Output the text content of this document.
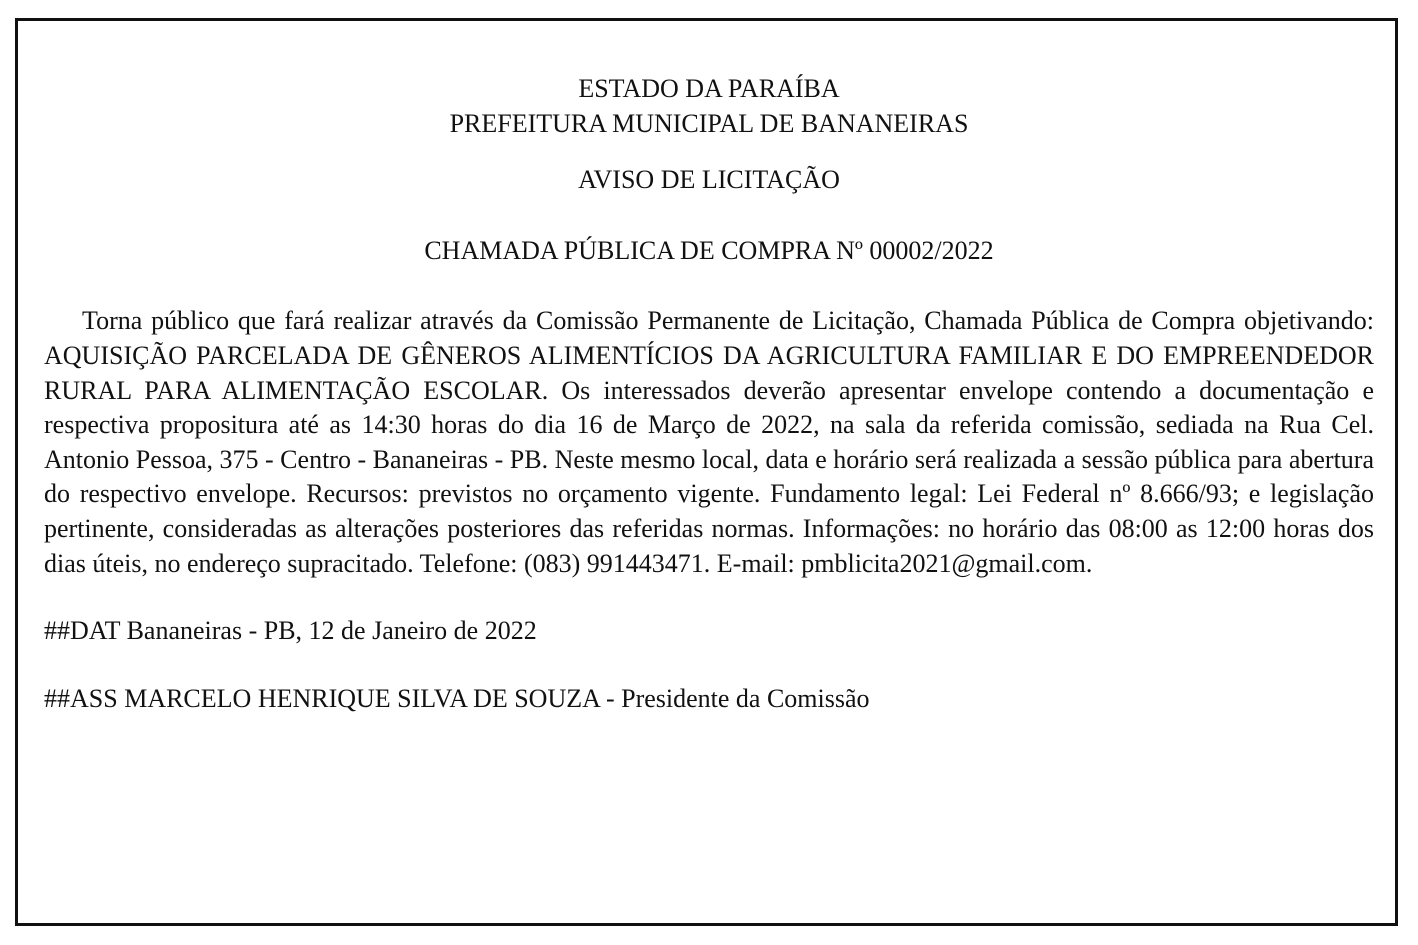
ESTADO DA PARAÍBA

PREFEITURA MUNICIPAL DE BANANEIRAS

AVISO DE LICITAÇÃO

CHAMADA PÚBLICA DE COMPRA Nº 00002/2022

Torna público que fará realizar através da Comissão Permanente de Licitação, Chamada Pública de Compra objetivando: AQUISIÇÃO PARCELADA DE GÊNEROS ALIMENTÍCIOS DA AGRICULTURA FAMILIAR E DO EMPREENDEDOR RURAL PARA ALIMENTAÇÃO ESCOLAR. Os interessados deverão apresentar envelope contendo a documentação e respectiva propositura até as 14:30 horas do dia 16 de Março de 2022, na sala da referida comissão, sediada na Rua Cel. Antonio Pessoa, 375 - Centro - Bananeiras - PB. Neste mesmo local, data e horário será realizada a sessão pública para abertura do respectivo envelope. Recursos: previstos no orçamento vigente. Fundamento legal: Lei Federal nº 8.666/93; e legislação pertinente, consideradas as alterações posteriores das referidas normas. Informações: no horário das 08:00 as 12:00 horas dos dias úteis, no endereço supracitado. Telefone: (083) 991443471. E-mail: pmblicita2021@gmail.com.

##DAT Bananeiras - PB, 12 de Janeiro de 2022

##ASS MARCELO HENRIQUE SILVA DE SOUZA - Presidente da Comissão
